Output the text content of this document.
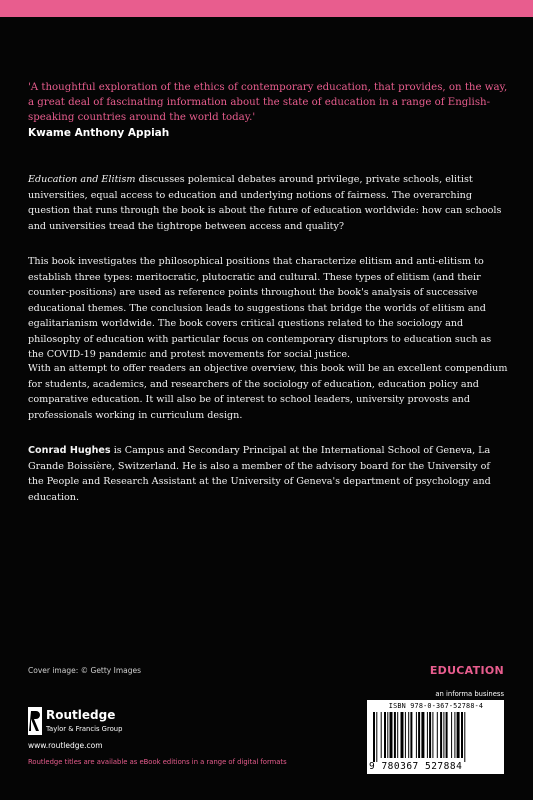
'A thoughtful exploration of the ethics of contemporary education, that provides, on the way, a great deal of fascinating information about the state of education in a range of English-speaking countries around the world today.'
Kwame Anthony Appiah
Education and Elitism discusses polemical debates around privilege, private schools, elitist universities, equal access to education and underlying notions of fairness. The overarching question that runs through the book is about the future of education worldwide: how can schools and universities tread the tightrope between access and quality?
This book investigates the philosophical positions that characterize elitism and anti-elitism to establish three types: meritocratic, plutocratic and cultural. These types of elitism (and their counter-positions) are used as reference points throughout the book's analysis of successive educational themes. The conclusion leads to suggestions that bridge the worlds of elitism and egalitarianism worldwide. The book covers critical questions related to the sociology and philosophy of education with particular focus on contemporary disruptors to education such as the COVID-19 pandemic and protest movements for social justice.
With an attempt to offer readers an objective overview, this book will be an excellent compendium for students, academics, and researchers of the sociology of education, education policy and comparative education. It will also be of interest to school leaders, university provosts and professionals working in curriculum design.
Conrad Hughes is Campus and Secondary Principal at the International School of Geneva, La Grande Boissière, Switzerland. He is also a member of the advisory board for the University of the People and Research Assistant at the University of Geneva's department of psychology and education.
Cover image: © Getty Images	EDUCATION
an informa business
Routledge
Taylor & Francis Group
www.routledge.com
Routledge titles are available as eBook editions in a range of digital formats
ISBN 978-0-367-52788-4
9 780367 527884
